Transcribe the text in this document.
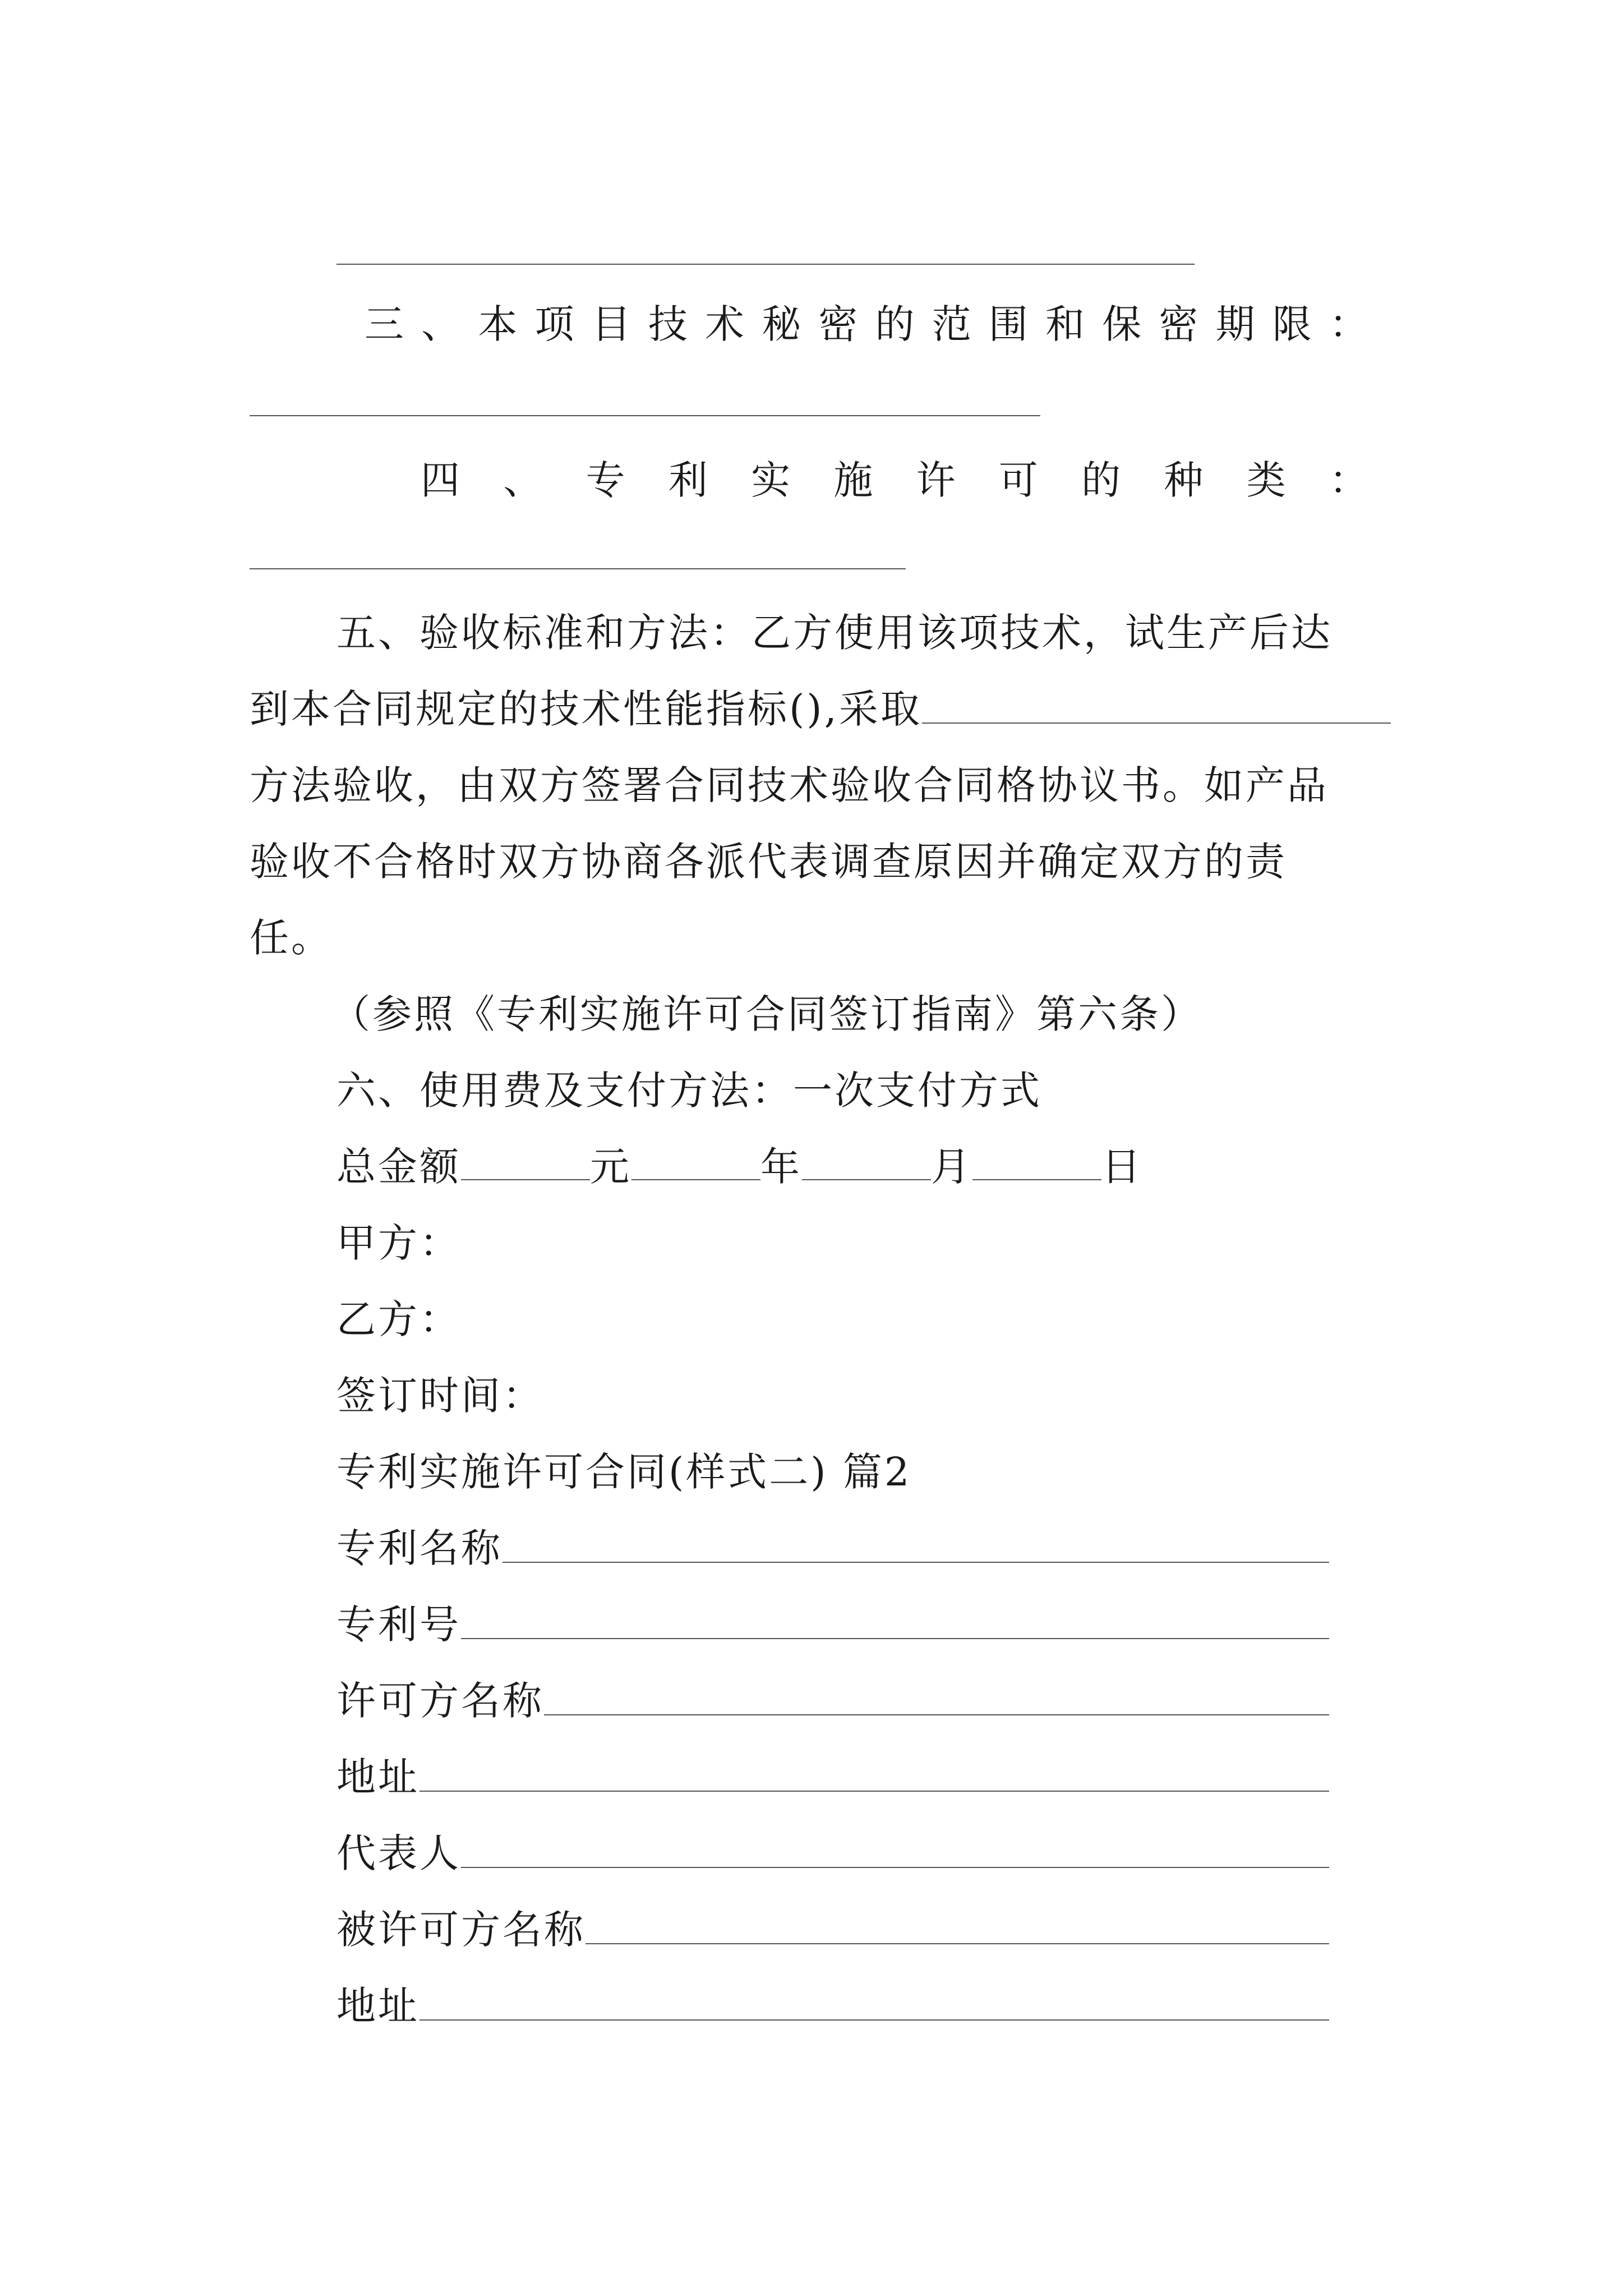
三 、 本 项 目 技 术 秘 密 的 范 围 和 保 密 期 限 ：
四 、 专 利 实 施 许 可 的 种 类 ：
五、验收标准和方法：乙方使用该项技术，试生产后达
到本合同规定的技术性能指标(),采取
方法验收，由双方签署合同技术验收合同格协议书。如产品
验收不合格时双方协商各派代表调查原因并确定双方的责
任。
（参照《专利实施许可合同签订指南》第六条）
六、使用费及支付方法：一次支付方式
总金额	元	年	月	日
甲方：
乙方：
签订时间：
专利实施许可合同(样式二) 篇2
专利名称
专利号
许可方名称
地址
代表人
被许可方名称
地址
